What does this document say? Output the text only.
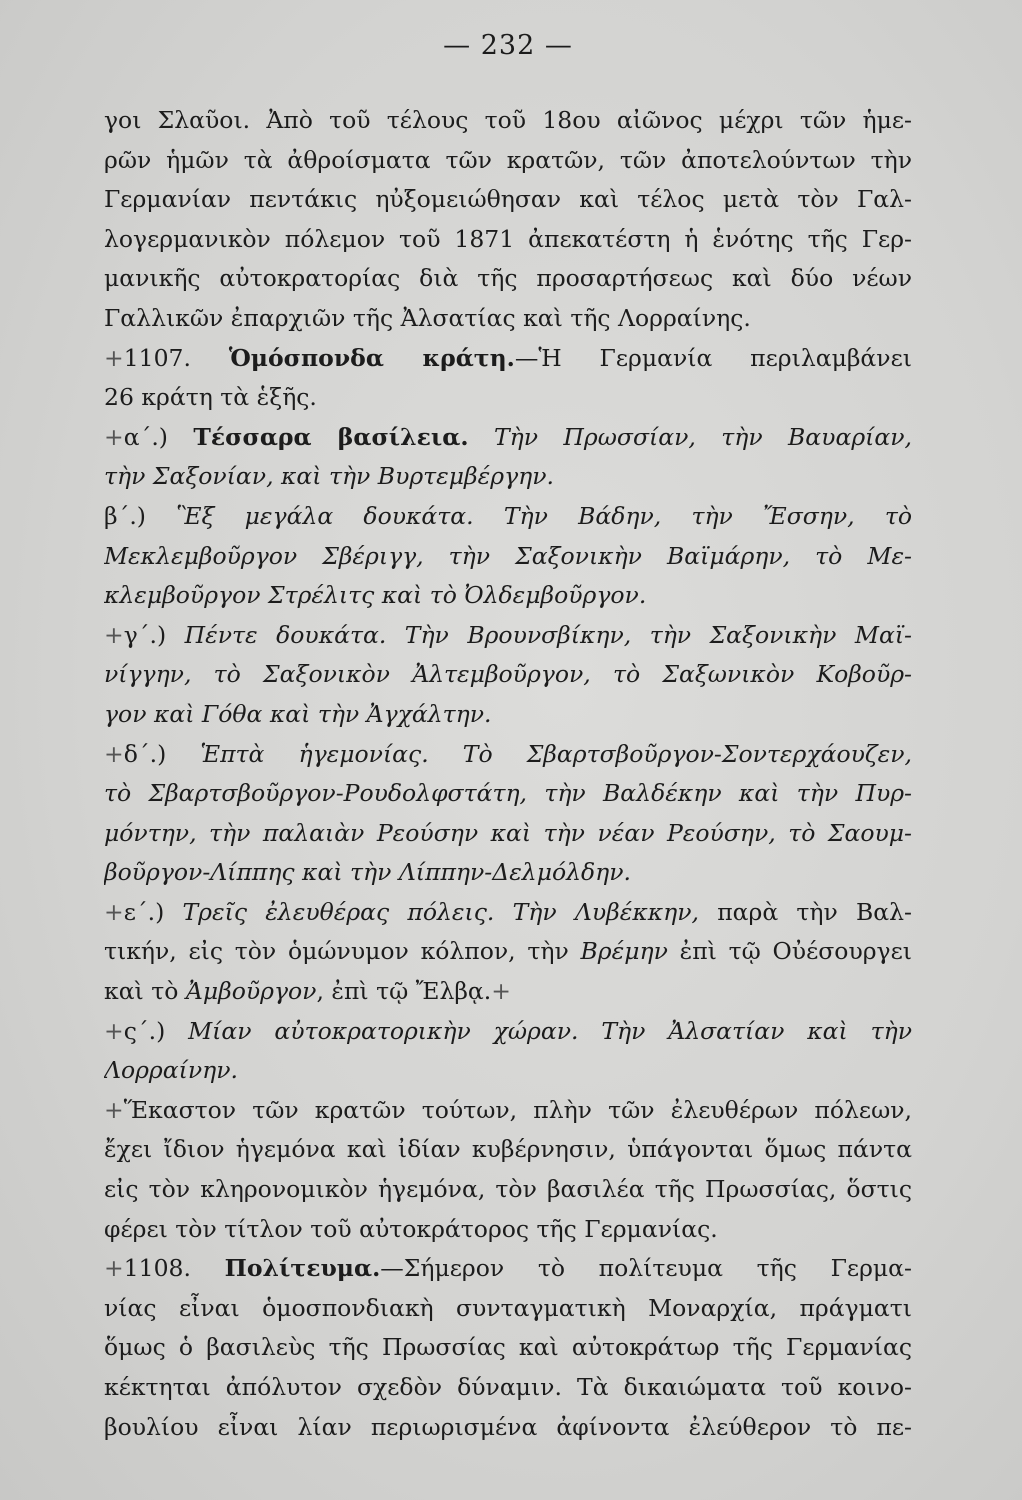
— 232 —
γοι Σλαῦοι. Ἀπὸ τοῦ τέλους τοῦ 18ου αἰῶνος μέχρι τῶν ἡμε-
ρῶν ἡμῶν τὰ ἀθροίσματα τῶν κρατῶν, τῶν ἀποτελούντων τὴν
Γερμανίαν πεντάκις ηὐξομειώθησαν καὶ τέλος μετὰ τὸν Γαλ-
λογερμανικὸν πόλεμον τοῦ 1871 ἀπεκατέστη ἡ ἑνότης τῆς Γερ-
μανικῆς αὐτοκρατορίας διὰ τῆς προσαρτήσεως καὶ δύο νέων
Γαλλικῶν ἐπαρχιῶν τῆς Ἀλσατίας καὶ τῆς Λορραίνης.
+1107. Ὁμόσπονδα κράτη.—Ἡ Γερμανία περιλαμβάνει
26 κράτη τὰ ἑξῆς.
+α΄.) Τέσσαρα βασίλεια. Τὴν Πρωσσίαν, τὴν Βαυαρίαν,
τὴν Σαξονίαν, καὶ τὴν Βυρτεμβέργην.
β΄.) Ἓξ μεγάλα δουκάτα. Τὴν Βάδην, τὴν Ἔσσην, τὸ
Μεκλεμβοῦργον Σβέριγγ, τὴν Σαξονικὴν Βαϊμάρην, τὸ Με-
κλεμβοῦργον Στρέλιτς καὶ τὸ Ὀλδεμβοῦργον.
+γ΄.) Πέντε δουκάτα. Τὴν Βρουνσβίκην, τὴν Σαξονικὴν Μαϊ-
νίγγην, τὸ Σαξονικὸν Ἀλτεμβοῦργον, τὸ Σαξωνικὸν Κοβοῦρ-
γον καὶ Γόθα καὶ τὴν Ἀγχάλτην.
+δ΄.) Ἑπτὰ ἡγεμονίας. Τὸ Σβαρτσβοῦργον-Σοντερχάουζεν,
τὸ Σβαρτσβοῦργον-Ρουδολφστάτη, τὴν Βαλδέκην καὶ τὴν Πυρ-
μόντην, τὴν παλαιὰν Ρεούσην καὶ τὴν νέαν Ρεούσην, τὸ Σαουμ-
βοῦργον-Λίππης καὶ τὴν Λίππην-Δελμόλδην.
+ε΄.) Τρεῖς ἐλευθέρας πόλεις. Τὴν Λυβέκκην, παρὰ τὴν Βαλ-
τικήν, εἰς τὸν ὁμώνυμον κόλπον, τὴν Βρέμην ἐπὶ τῷ Οὐέσουργει
καὶ τὸ Ἀμβοῦργον, ἐπὶ τῷ Ἔλβᾳ.+
+ς΄.) Μίαν αὐτοκρατορικὴν χώραν. Τὴν Ἀλσατίαν καὶ τὴν
Λορραίνην.
+Ἕκαστον τῶν κρατῶν τούτων, πλὴν τῶν ἐλευθέρων πόλεων,
ἔχει ἴδιον ἡγεμόνα καὶ ἰδίαν κυβέρνησιν, ὑπάγονται ὅμως πάντα
εἰς τὸν κληρονομικὸν ἡγεμόνα, τὸν βασιλέα τῆς Πρωσσίας, ὅστις
φέρει τὸν τίτλον τοῦ αὐτοκράτορος τῆς Γερμανίας.
+1108. Πολίτευμα.—Σήμερον τὸ πολίτευμα τῆς Γερμα-
νίας εἶναι ὁμοσπονδιακὴ συνταγματικὴ Μοναρχία, πράγματι
ὅμως ὁ βασιλεὺς τῆς Πρωσσίας καὶ αὐτοκράτωρ τῆς Γερμανίας
κέκτηται ἀπόλυτον σχεδὸν δύναμιν. Τὰ δικαιώματα τοῦ κοινο-
βουλίου εἶναι λίαν περιωρισμένα ἀφίνοντα ἐλεύθερον τὸ πε-
